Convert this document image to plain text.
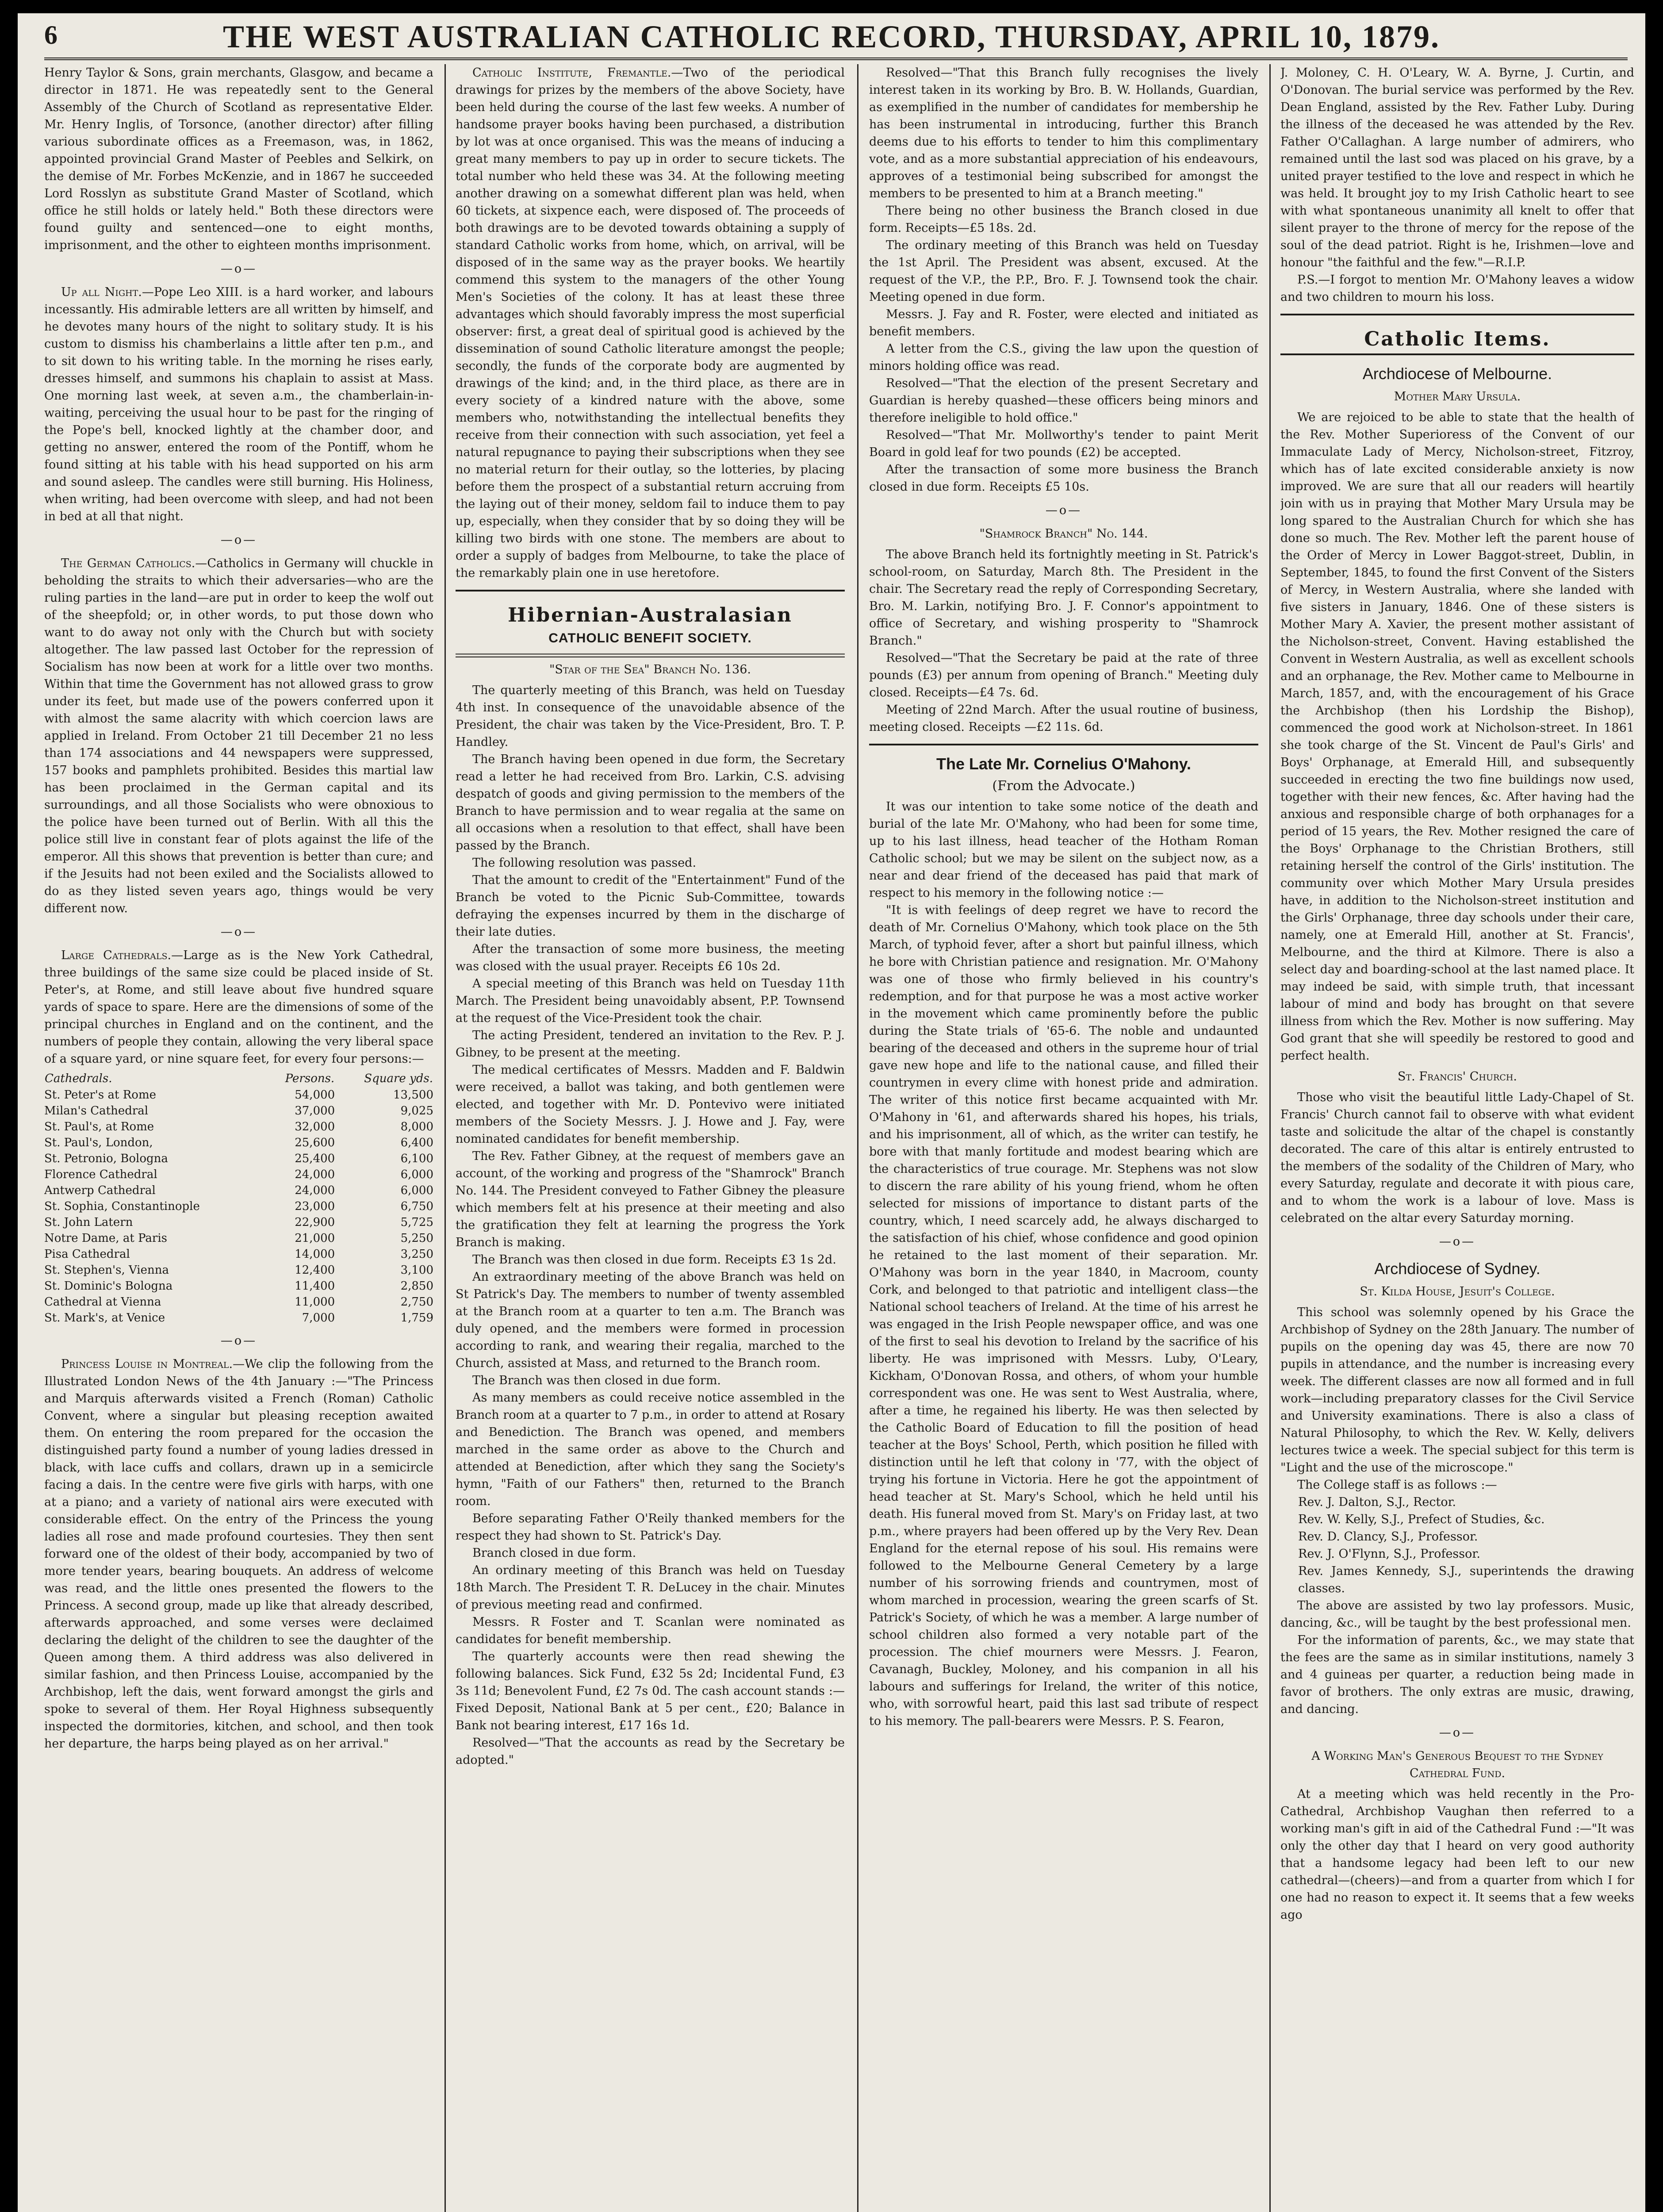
6	THE WEST AUSTRALIAN CATHOLIC RECORD, THURSDAY, APRIL 10, 1879.

Henry Taylor & Sons, grain merchants, Glasgow, and became a director in 1871. He was repeatedly sent to the General Assembly of the Church of Scotland as representative Elder. Mr. Henry Inglis, of Torsonce, (another director) after filling various subordinate offices as a Freemason, was, in 1862, appointed provincial Grand Master of Peebles and Selkirk, on the demise of Mr. Forbes McKenzie, and in 1867 he succeeded Lord Rosslyn as substitute Grand Master of Scotland, which office he still holds or lately held." Both these directors were found guilty and sentenced—one to eight months, imprisonment, and the other to eighteen months imprisonment.

—o—

Up all Night.—Pope Leo XIII. is a hard worker, and labours incessantly. His admirable letters are all written by himself, and he devotes many hours of the night to solitary study. It is his custom to dismiss his chamberlains a little after ten p.m., and to sit down to his writing table. In the morning he rises early, dresses himself, and summons his chaplain to assist at Mass. One morning last week, at seven a.m., the chamberlain-in-waiting, perceiving the usual hour to be past for the ringing of the Pope's bell, knocked lightly at the chamber door, and getting no answer, entered the room of the Pontiff, whom he found sitting at his table with his head supported on his arm and sound asleep. The candles were still burning. His Holiness, when writing, had been overcome with sleep, and had not been in bed at all that night.

—o—

The German Catholics.—Catholics in Germany will chuckle in beholding the straits to which their adversaries—who are the ruling parties in the land—are put in order to keep the wolf out of the sheepfold; or, in other words, to put those down who want to do away not only with the Church but with society altogether. The law passed last October for the repression of Socialism has now been at work for a little over two months. Within that time the Government has not allowed grass to grow under its feet, but made use of the powers conferred upon it with almost the same alacrity with which coercion laws are applied in Ireland. From October 21 till December 21 no less than 174 associations and 44 newspapers were suppressed, 157 books and pamphlets prohibited. Besides this martial law has been proclaimed in the German capital and its surroundings, and all those Socialists who were obnoxious to the police have been turned out of Berlin. With all this the police still live in constant fear of plots against the life of the emperor. All this shows that prevention is better than cure; and if the Jesuits had not been exiled and the Socialists allowed to do as they listed seven years ago, things would be very different now.

—o—

Large Cathedrals.—Large as is the New York Cathedral, three buildings of the same size could be placed inside of St. Peter's, at Rome, and still leave about five hundred square yards of space to spare. Here are the dimensions of some of the principal churches in England and on the continent, and the numbers of people they contain, allowing the very liberal space of a square yard, or nine square feet, for every four persons:—

Cathedrals.	Persons.	Square yds.
St. Peter's at Rome	54,000	13,500
Milan's Cathedral	37,000	9,025
St. Paul's, at Rome	32,000	8,000
St. Paul's, London,	25,600	6,400
St. Petronio, Bologna	25,400	6,100
Florence Cathedral	24,000	6,000
Antwerp Cathedral	24,000	6,000
St. Sophia, Constantinople	23,000	6,750
St. John Latern	22,900	5,725
Notre Dame, at Paris	21,000	5,250
Pisa Cathedral	14,000	3,250
St. Stephen's, Vienna	12,400	3,100
St. Dominic's Bologna	11,400	2,850
Cathedral at Vienna	11,000	2,750
St. Mark's, at Venice	7,000	1,759
—o—

Princess Louise in Montreal.—We clip the following from the Illustrated London News of the 4th January :—"The Princess and Marquis afterwards visited a French (Roman) Catholic Convent, where a singular but pleasing reception awaited them. On entering the room prepared for the occasion the distinguished party found a number of young ladies dressed in black, with lace cuffs and collars, drawn up in a semicircle facing a dais. In the centre were five girls with harps, with one at a piano; and a variety of national airs were executed with considerable effect. On the entry of the Princess the young ladies all rose and made profound courtesies. They then sent forward one of the oldest of their body, accompanied by two of more tender years, bearing bouquets. An address of welcome was read, and the little ones presented the flowers to the Princess. A second group, made up like that already described, afterwards approached, and some verses were declaimed declaring the delight of the children to see the daughter of the Queen among them. A third address was also delivered in similar fashion, and then Princess Louise, accompanied by the Archbishop, left the dais, went forward amongst the girls and spoke to several of them. Her Royal Highness subsequently inspected the dormitories, kitchen, and school, and then took her departure, the harps being played as on her arrival."

Catholic Institute, Fremantle.—Two of the periodical drawings for prizes by the members of the above Society, have been held during the course of the last few weeks. A number of handsome prayer books having been purchased, a distribution by lot was at once organised. This was the means of inducing a great many members to pay up in order to secure tickets. The total number who held these was 34. At the following meeting another drawing on a somewhat different plan was held, when 60 tickets, at sixpence each, were disposed of. The proceeds of both drawings are to be devoted towards obtaining a supply of standard Catholic works from home, which, on arrival, will be disposed of in the same way as the prayer books. We heartily commend this system to the managers of the other Young Men's Societies of the colony. It has at least these three advantages which should favorably impress the most superficial observer: first, a great deal of spiritual good is achieved by the dissemination of sound Catholic literature amongst the people; secondly, the funds of the corporate body are augmented by drawings of the kind; and, in the third place, as there are in every society of a kindred nature with the above, some members who, notwithstanding the intellectual benefits they receive from their connection with such association, yet feel a natural repugnance to paying their subscriptions when they see no material return for their outlay, so the lotteries, by placing before them the prospect of a substantial return accruing from the laying out of their money, seldom fail to induce them to pay up, especially, when they consider that by so doing they will be killing two birds with one stone. The members are about to order a supply of badges from Melbourne, to take the place of the remarkably plain one in use heretofore.

Hibernian-Australasian
CATHOLIC BENEFIT SOCIETY.
"Star of the Sea" Branch No. 136.

The quarterly meeting of this Branch, was held on Tuesday 4th inst. In consequence of the unavoidable absence of the President, the chair was taken by the Vice-President, Bro. T. P. Handley.

The Branch having been opened in due form, the Secretary read a letter he had received from Bro. Larkin, C.S. advising despatch of goods and giving permission to the members of the Branch to have permission and to wear regalia at the same on all occasions when a resolution to that effect, shall have been passed by the Branch.

The following resolution was passed.

That the amount to credit of the "Entertainment" Fund of the Branch be voted to the Picnic Sub-Committee, towards defraying the expenses incurred by them in the discharge of their late duties.

After the transaction of some more business, the meeting was closed with the usual prayer. Receipts £6 10s 2d.

A special meeting of this Branch was held on Tuesday 11th March. The President being unavoidably absent, P.P. Townsend at the request of the Vice-President took the chair.

The acting President, tendered an invitation to the Rev. P. J. Gibney, to be present at the meeting.

The medical certificates of Messrs. Madden and F. Baldwin were received, a ballot was taking, and both gentlemen were elected, and together with Mr. D. Pontevivo were initiated members of the Society Messrs. J. J. Howe and J. Fay, were nominated candidates for benefit membership.

The Rev. Father Gibney, at the request of members gave an account, of the working and progress of the "Shamrock" Branch No. 144. The President conveyed to Father Gibney the pleasure which members felt at his presence at their meeting and also the gratification they felt at learning the progress the York Branch is making.

The Branch was then closed in due form. Receipts £3 1s 2d.

An extraordinary meeting of the above Branch was held on St Patrick's Day. The members to number of twenty assembled at the Branch room at a quarter to ten a.m. The Branch was duly opened, and the members were formed in procession according to rank, and wearing their regalia, marched to the Church, assisted at Mass, and returned to the Branch room.

The Branch was then closed in due form.

As many members as could receive notice assembled in the Branch room at a quarter to 7 p.m., in order to attend at Rosary and Benediction. The Branch was opened, and members marched in the same order as above to the Church and attended at Benediction, after which they sang the Society's hymn, "Faith of our Fathers" then, returned to the Branch room.

Before separating Father O'Reily thanked members for the respect they had shown to St. Patrick's Day.

Branch closed in due form.

An ordinary meeting of this Branch was held on Tuesday 18th March. The President T. R. DeLucey in the chair. Minutes of previous meeting read and confirmed.

Messrs. R Foster and T. Scanlan were nominated as candidates for benefit membership.

The quarterly accounts were then read shewing the following balances. Sick Fund, £32 5s 2d; Incidental Fund, £3 3s 11d; Benevolent Fund, £2 7s 0d. The cash account stands :—Fixed Deposit, National Bank at 5 per cent., £20; Balance in Bank not bearing interest, £17 16s 1d.

Resolved—"That the accounts as read by the Secretary be adopted."

Resolved—"That this Branch fully recognises the lively interest taken in its working by Bro. B. W. Hollands, Guardian, as exemplified in the number of candidates for membership he has been instrumental in introducing, further this Branch deems due to his efforts to tender to him this complimentary vote, and as a more substantial appreciation of his endeavours, approves of a testimonial being subscribed for amongst the members to be presented to him at a Branch meeting."

There being no other business the Branch closed in due form. Receipts—£5 18s. 2d.

The ordinary meeting of this Branch was held on Tuesday the 1st April. The President was absent, excused. At the request of the V.P., the P.P., Bro. F. J. Townsend took the chair. Meeting opened in due form.

Messrs. J. Fay and R. Foster, were elected and initiated as benefit members.

A letter from the C.S., giving the law upon the question of minors holding office was read.

Resolved—"That the election of the present Secretary and Guardian is hereby quashed—these officers being minors and therefore ineligible to hold office."

Resolved—"That Mr. Mollworthy's tender to paint Merit Board in gold leaf for two pounds (£2) be accepted.

After the transaction of some more business the Branch closed in due form. Receipts £5 10s.

—o—
"Shamrock Branch" No. 144.

The above Branch held its fortnightly meeting in St. Patrick's school-room, on Saturday, March 8th. The President in the chair. The Secretary read the reply of Corresponding Secretary, Bro. M. Larkin, notifying Bro. J. F. Connor's appointment to office of Secretary, and wishing prosperity to "Shamrock Branch."

Resolved—"That the Secretary be paid at the rate of three pounds (£3) per annum from opening of Branch." Meeting duly closed. Receipts—£4 7s. 6d.

Meeting of 22nd March. After the usual routine of business, meeting closed. Receipts —£2 11s. 6d.

The Late Mr. Cornelius O'Mahony.
(From the Advocate.)

It was our intention to take some notice of the death and burial of the late Mr. O'Mahony, who had been for some time, up to his last illness, head teacher of the Hotham Roman Catholic school; but we may be silent on the subject now, as a near and dear friend of the deceased has paid that mark of respect to his memory in the following notice :—

"It is with feelings of deep regret we have to record the death of Mr. Cornelius O'Mahony, which took place on the 5th March, of typhoid fever, after a short but painful illness, which he bore with Christian patience and resignation. Mr. O'Mahony was one of those who firmly believed in his country's redemption, and for that purpose he was a most active worker in the movement which came prominently before the public during the State trials of '65-6. The noble and undaunted bearing of the deceased and others in the supreme hour of trial gave new hope and life to the national cause, and filled their countrymen in every clime with honest pride and admiration. The writer of this notice first became acquainted with Mr. O'Mahony in '61, and afterwards shared his hopes, his trials, and his imprisonment, all of which, as the writer can testify, he bore with that manly fortitude and modest bearing which are the characteristics of true courage. Mr. Stephens was not slow to discern the rare ability of his young friend, whom he often selected for missions of importance to distant parts of the country, which, I need scarcely add, he always discharged to the satisfaction of his chief, whose confidence and good opinion he retained to the last moment of their separation. Mr. O'Mahony was born in the year 1840, in Macroom, county Cork, and belonged to that patriotic and intelligent class—the National school teachers of Ireland. At the time of his arrest he was engaged in the Irish People newspaper office, and was one of the first to seal his devotion to Ireland by the sacrifice of his liberty. He was imprisoned with Messrs. Luby, O'Leary, Kickham, O'Donovan Rossa, and others, of whom your humble correspondent was one. He was sent to West Australia, where, after a time, he regained his liberty. He was then selected by the Catholic Board of Education to fill the position of head teacher at the Boys' School, Perth, which position he filled with distinction until he left that colony in '77, with the object of trying his fortune in Victoria. Here he got the appointment of head teacher at St. Mary's School, which he held until his death. His funeral moved from St. Mary's on Friday last, at two p.m., where prayers had been offered up by the Very Rev. Dean England for the eternal repose of his soul. His remains were followed to the Melbourne General Cemetery by a large number of his sorrowing friends and countrymen, most of whom marched in procession, wearing the green scarfs of St. Patrick's Society, of which he was a member. A large number of school children also formed a very notable part of the procession. The chief mourners were Messrs. J. Fearon, Cavanagh, Buckley, Moloney, and his companion in all his labours and sufferings for Ireland, the writer of this notice, who, with sorrowful heart, paid this last sad tribute of respect to his memory. The pall-bearers were Messrs. P. S. Fearon,

J. Moloney, C. H. O'Leary, W. A. Byrne, J. Curtin, and O'Donovan. The burial service was performed by the Rev. Dean England, assisted by the Rev. Father Luby. During the illness of the deceased he was attended by the Rev. Father O'Callaghan. A large number of admirers, who remained until the last sod was placed on his grave, by a united prayer testified to the love and respect in which he was held. It brought joy to my Irish Catholic heart to see with what spontaneous unanimity all knelt to offer that silent prayer to the throne of mercy for the repose of the soul of the dead patriot. Right is he, Irishmen—love and honour "the faithful and the few."—R.I.P.

P.S.—I forgot to mention Mr. O'Mahony leaves a widow and two children to mourn his loss.

Catholic Items.
Archdiocese of Melbourne.
Mother Mary Ursula.

We are rejoiced to be able to state that the health of the Rev. Mother Superioress of the Convent of our Immaculate Lady of Mercy, Nicholson-street, Fitzroy, which has of late excited considerable anxiety is now improved. We are sure that all our readers will heartily join with us in praying that Mother Mary Ursula may be long spared to the Australian Church for which she has done so much. The Rev. Mother left the parent house of the Order of Mercy in Lower Baggot-street, Dublin, in September, 1845, to found the first Convent of the Sisters of Mercy, in Western Australia, where she landed with five sisters in January, 1846. One of these sisters is Mother Mary A. Xavier, the present mother assistant of the Nicholson-street, Convent. Having established the Convent in Western Australia, as well as excellent schools and an orphanage, the Rev. Mother came to Melbourne in March, 1857, and, with the encouragement of his Grace the Archbishop (then his Lordship the Bishop), commenced the good work at Nicholson-street. In 1861 she took charge of the St. Vincent de Paul's Girls' and Boys' Orphanage, at Emerald Hill, and subsequently succeeded in erecting the two fine buildings now used, together with their new fences, &c. After having had the anxious and responsible charge of both orphanages for a period of 15 years, the Rev. Mother resigned the care of the Boys' Orphanage to the Christian Brothers, still retaining herself the control of the Girls' institution. The community over which Mother Mary Ursula presides have, in addition to the Nicholson-street institution and the Girls' Orphanage, three day schools under their care, namely, one at Emerald Hill, another at St. Francis', Melbourne, and the third at Kilmore. There is also a select day and boarding-school at the last named place. It may indeed be said, with simple truth, that incessant labour of mind and body has brought on that severe illness from which the Rev. Mother is now suffering. May God grant that she will speedily be restored to good and perfect health.

St. Francis' Church.

Those who visit the beautiful little Lady-Chapel of St. Francis' Church cannot fail to observe with what evident taste and solicitude the altar of the chapel is constantly decorated. The care of this altar is entirely entrusted to the members of the sodality of the Children of Mary, who every Saturday, regulate and decorate it with pious care, and to whom the work is a labour of love. Mass is celebrated on the altar every Saturday morning.

—o—
Archdiocese of Sydney.
St. Kilda House, Jesuit's College.

This school was solemnly opened by his Grace the Archbishop of Sydney on the 28th January. The number of pupils on the opening day was 45, there are now 70 pupils in attendance, and the number is increasing every week. The different classes are now all formed and in full work—including preparatory classes for the Civil Service and University examinations. There is also a class of Natural Philosophy, to which the Rev. W. Kelly, delivers lectures twice a week. The special subject for this term is "Light and the use of the microscope."

The College staff is as follows :—

Rev. J. Dalton, S.J., Rector.
Rev. W. Kelly, S.J., Prefect of Studies, &c.
Rev. D. Clancy, S.J., Professor.
Rev. J. O'Flynn, S.J., Professor.
Rev. James Kennedy, S.J., superintends the drawing classes.

The above are assisted by two lay professors. Music, dancing, &c., will be taught by the best professional men.

For the information of parents, &c., we may state that the fees are the same as in similar institutions, namely 3 and 4 guineas per quarter, a reduction being made in favor of brothers. The only extras are music, drawing, and dancing.

—o—
A Working Man's Generous Bequest to the Sydney Cathedral Fund.

At a meeting which was held recently in the Pro-Cathedral, Archbishop Vaughan then referred to a working man's gift in aid of the Cathedral Fund :—"It was only the other day that I heard on very good authority that a handsome legacy had been left to our new cathedral—(cheers)—and from a quarter from which I for one had no reason to expect it. It seems that a few weeks ago
